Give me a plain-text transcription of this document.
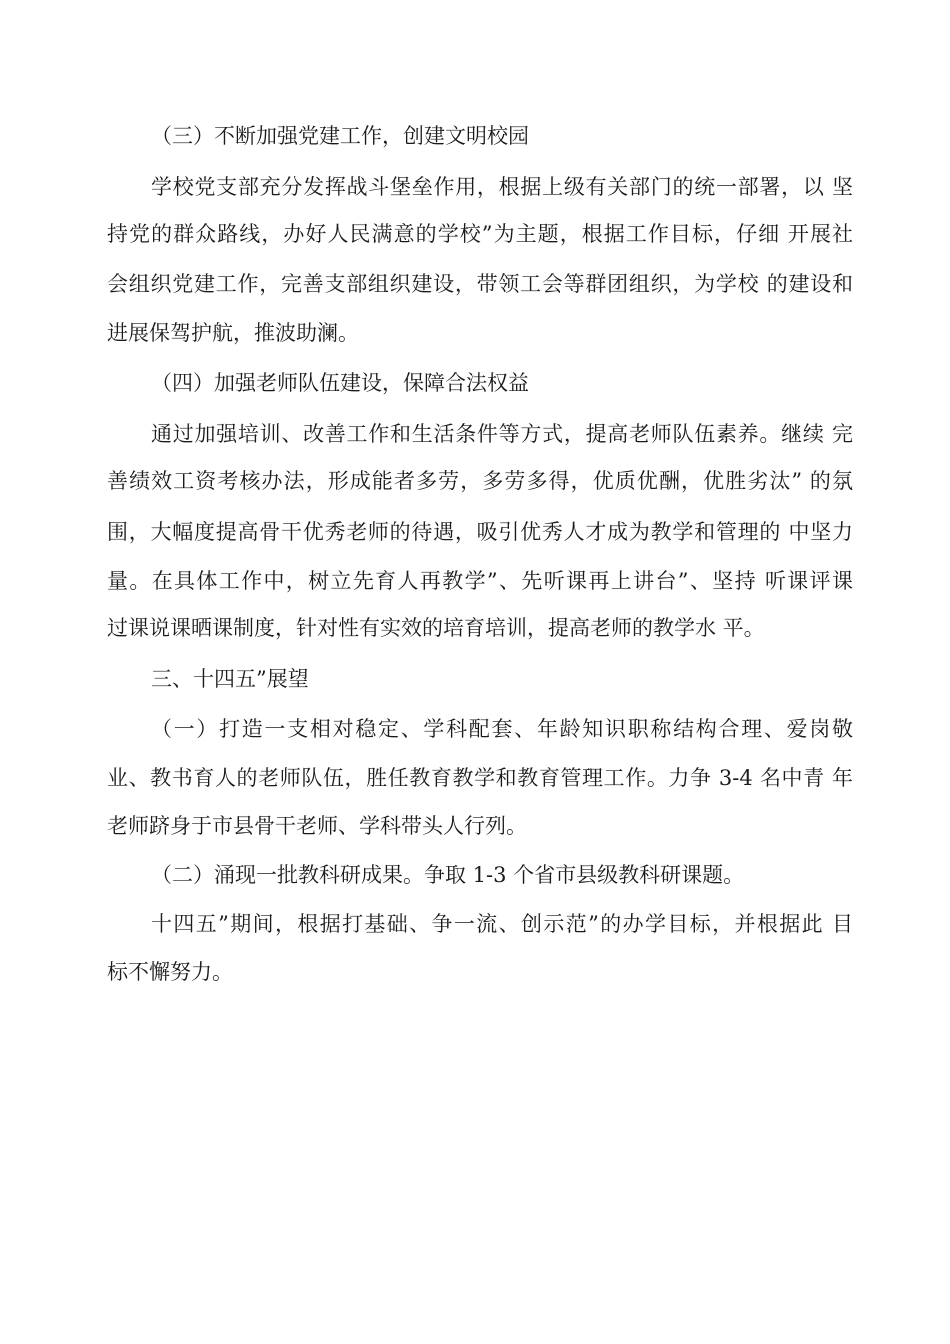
（三）不断加强党建工作，创建文明校园
学校党支部充分发挥战斗堡垒作用，根据上级有关部门的统一部署，以 坚
持党的群众路线，办好人民满意的学校”为主题，根据工作目标，仔细 开展社
会组织党建工作，完善支部组织建设，带领工会等群团组织，为学校 的建设和
进展保驾护航，推波助澜。
（四）加强老师队伍建设，保障合法权益
通过加强培训、改善工作和生活条件等方式，提高老师队伍素养。继续 完
善绩效工资考核办法，形成能者多劳，多劳多得，优质优酬，优胜劣汰” 的氛
围，大幅度提高骨干优秀老师的待遇，吸引优秀人才成为教学和管理的 中坚力
量。在具体工作中，树立先育人再教学”、先听课再上讲台”、坚持 听课评课
过课说课晒课制度，针对性有实效的培育培训，提高老师的教学水 平。
三、十四五”展望
（一）打造一支相对稳定、学科配套、年龄知识职称结构合理、爱岗敬
业、教书育人的老师队伍，胜任教育教学和教育管理工作。力争 3-4 名中青 年
老师跻身于市县骨干老师、学科带头人行列。
（二）涌现一批教科研成果。争取 1-3 个省市县级教科研课题。
十四五”期间，根据打基础、争一流、创示范”的办学目标，并根据此 目
标不懈努力。
